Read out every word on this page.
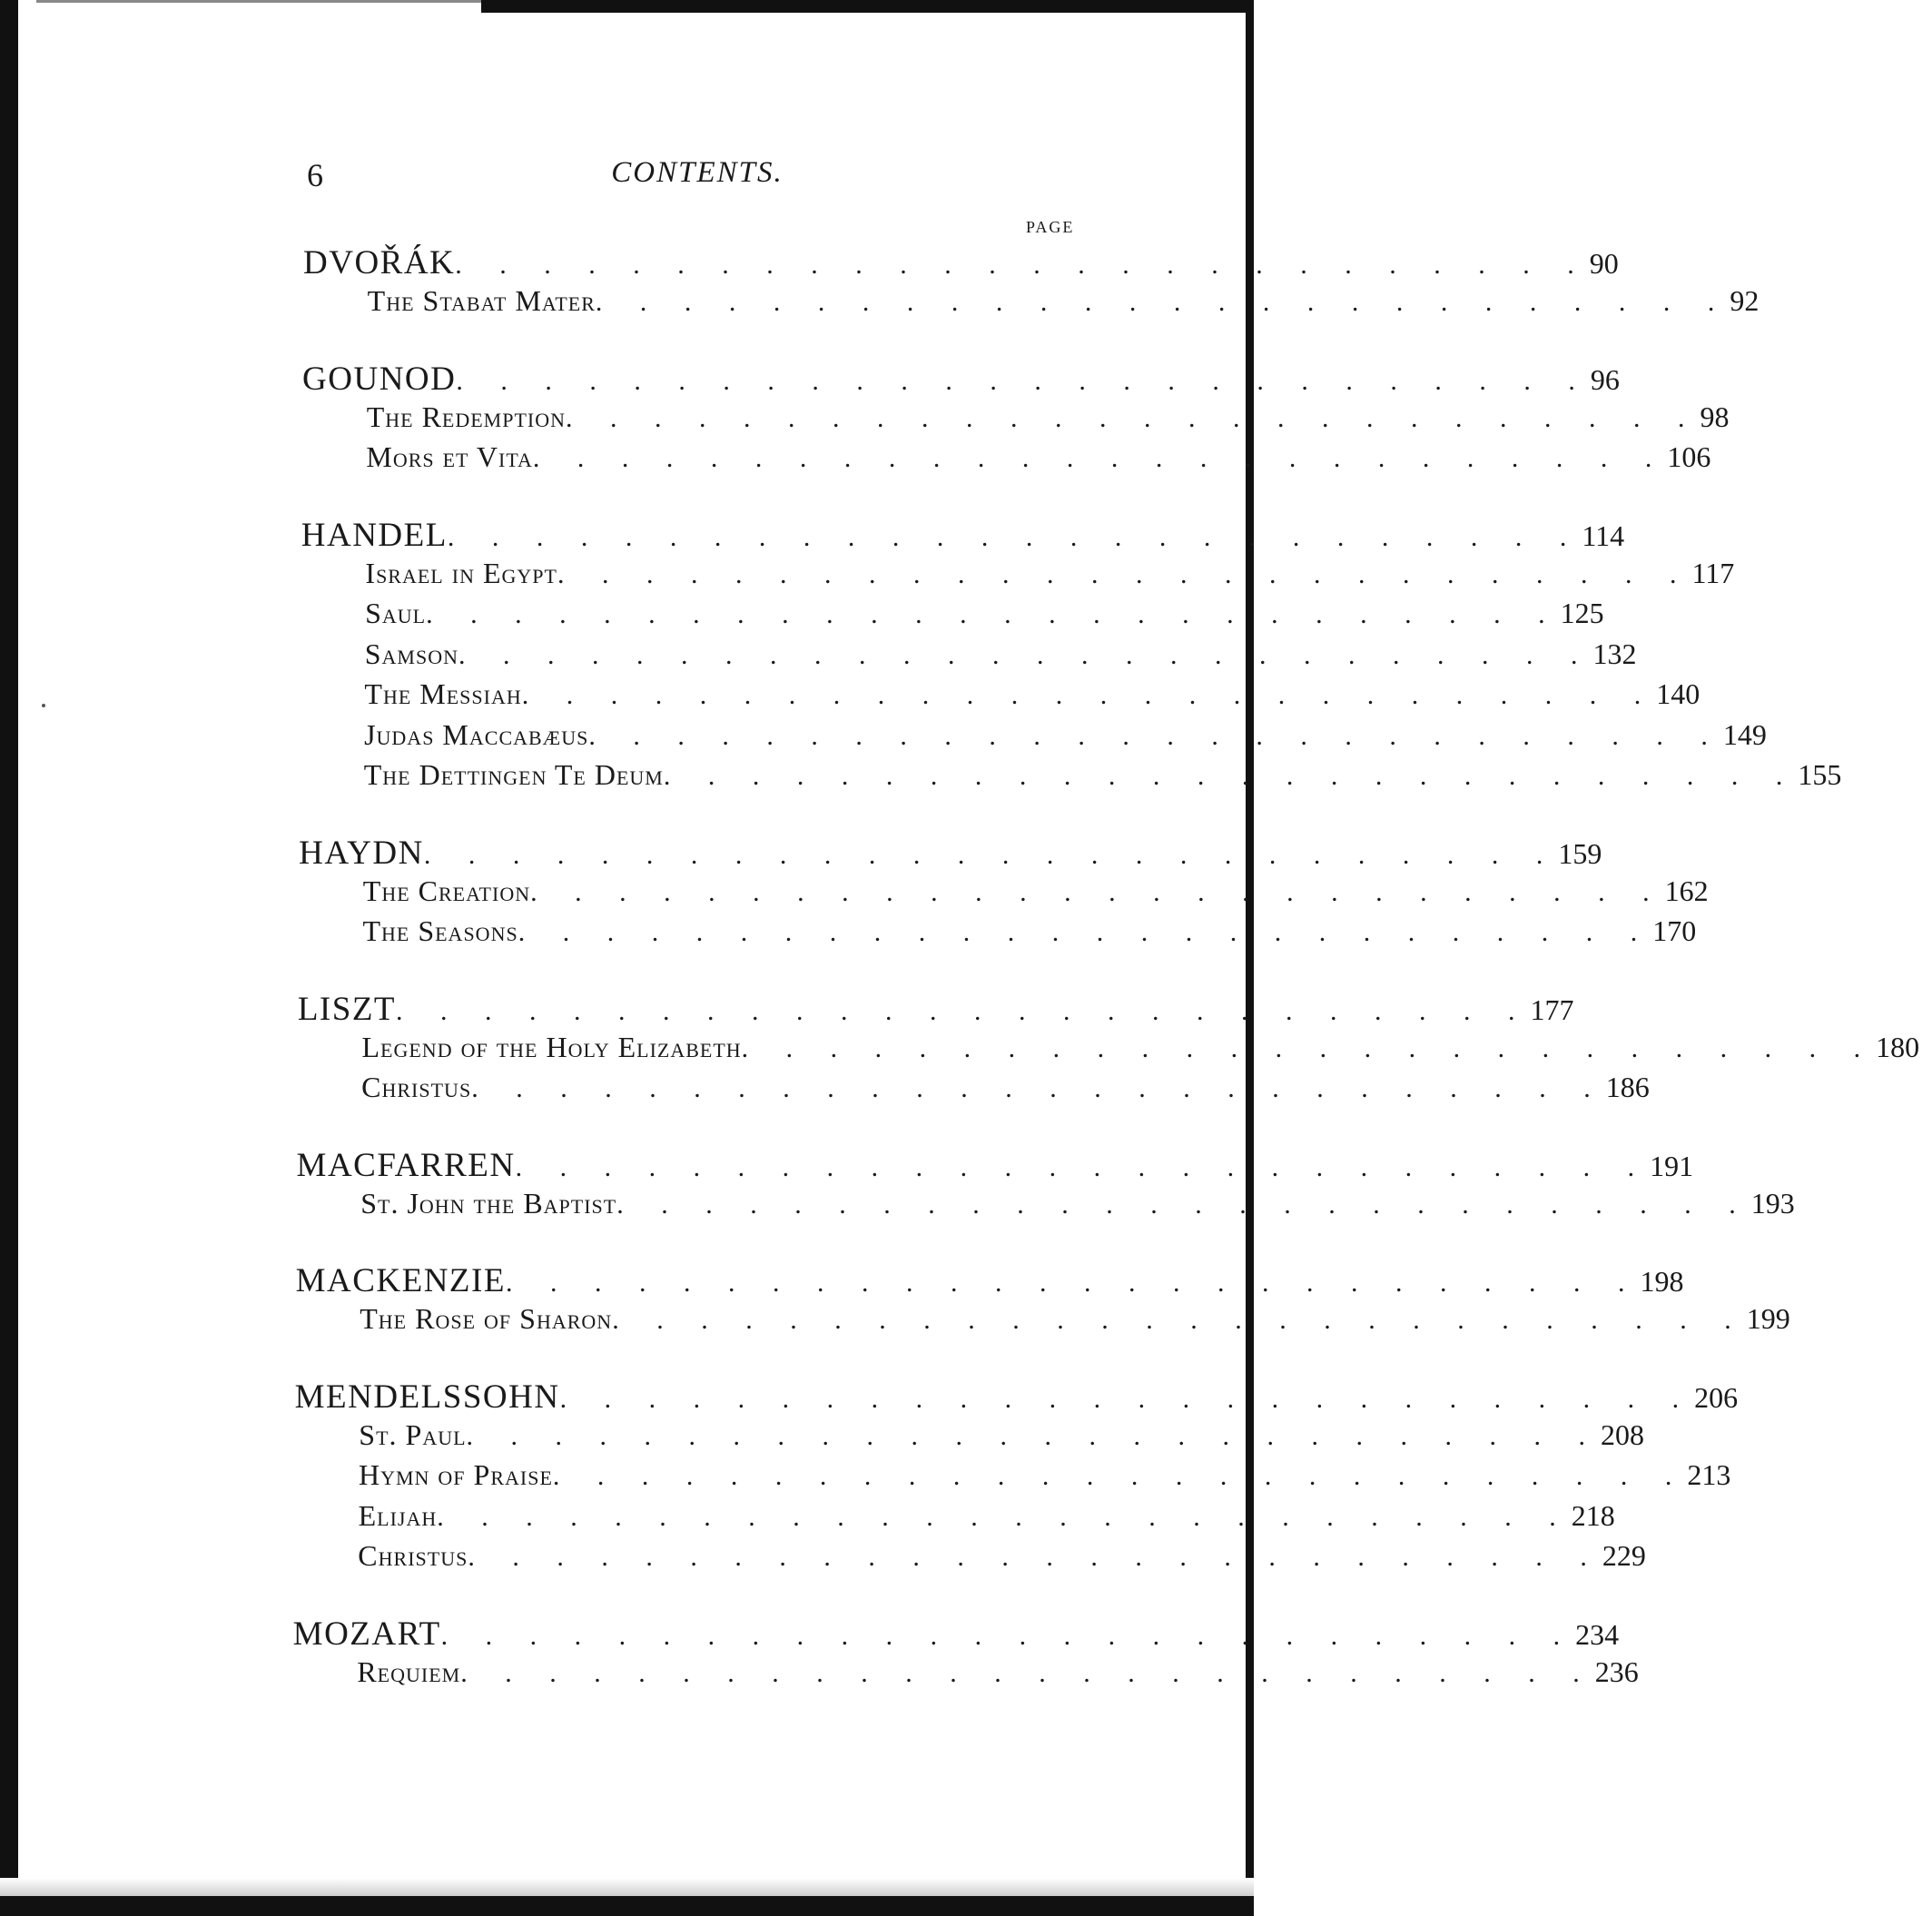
6	CONTENTS.
PAGE
DVOŘÁK . . . . . . . . . . . . . . . . . . . . . . . . . . 90
The Stabat Mater . . . . . . . . . . . . . . . . . . . . . . . . . . 92
GOUNOD . . . . . . . . . . . . . . . . . . . . . . . . . . 96
The Redemption . . . . . . . . . . . . . . . . . . . . . . . . . . 98
Mors et Vita . . . . . . . . . . . . . . . . . . . . . . . . . . 106
HANDEL . . . . . . . . . . . . . . . . . . . . . . . . . . 114
Israel in Egypt . . . . . . . . . . . . . . . . . . . . . . . . . . 117
Saul . . . . . . . . . . . . . . . . . . . . . . . . . . 125
Samson . . . . . . . . . . . . . . . . . . . . . . . . . . 132
The Messiah . . . . . . . . . . . . . . . . . . . . . . . . . . 140
Judas Maccabæus . . . . . . . . . . . . . . . . . . . . . . . . . . 149
The Dettingen Te Deum . . . . . . . . . . . . . . . . . . . . . . . . . . 155
HAYDN . . . . . . . . . . . . . . . . . . . . . . . . . . 159
The Creation . . . . . . . . . . . . . . . . . . . . . . . . . . 162
The Seasons . . . . . . . . . . . . . . . . . . . . . . . . . . 170
LISZT . . . . . . . . . . . . . . . . . . . . . . . . . . 177
Legend of the Holy Elizabeth . . . . . . . . . . . . . . . . . . . . . . . . . . 180
Christus . . . . . . . . . . . . . . . . . . . . . . . . . . 186
MACFARREN . . . . . . . . . . . . . . . . . . . . . . . . . . 191
St. John the Baptist . . . . . . . . . . . . . . . . . . . . . . . . . . 193
MACKENZIE . . . . . . . . . . . . . . . . . . . . . . . . . . 198
The Rose of Sharon . . . . . . . . . . . . . . . . . . . . . . . . . . 199
MENDELSSOHN . . . . . . . . . . . . . . . . . . . . . . . . . . 206
St. Paul . . . . . . . . . . . . . . . . . . . . . . . . . . 208
Hymn of Praise . . . . . . . . . . . . . . . . . . . . . . . . . . 213
Elijah . . . . . . . . . . . . . . . . . . . . . . . . . . 218
Christus . . . . . . . . . . . . . . . . . . . . . . . . . . 229
MOZART . . . . . . . . . . . . . . . . . . . . . . . . . . 234
Requiem . . . . . . . . . . . . . . . . . . . . . . . . . . 236
